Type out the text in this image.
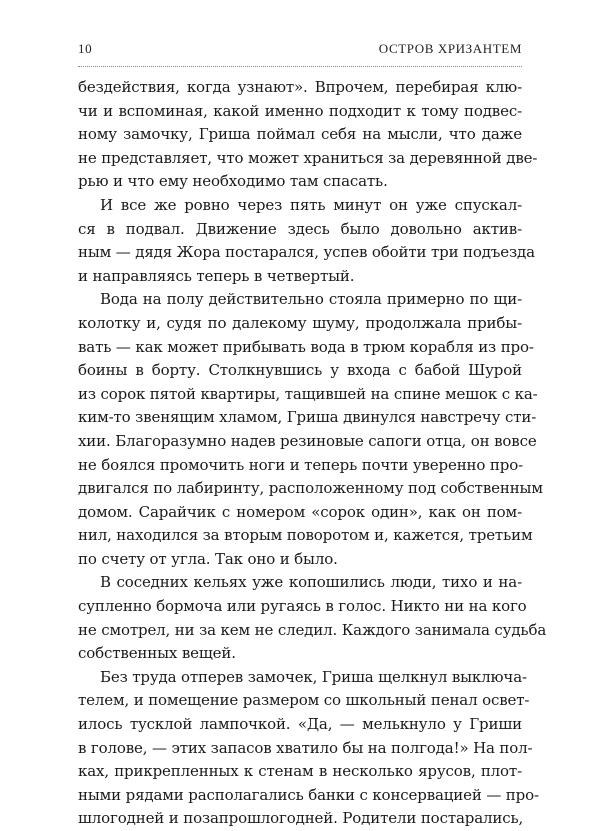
10	ОСТРОВ ХРИЗАНТЕМ
бездействия, когда узнают». Впрочем, перебирая клю-
чи и вспоминая, какой именно подходит к тому подвес-
ному замочку, Гриша поймал себя на мысли, что даже
не представляет, что может храниться за деревянной две-
рью и что ему необходимо там спасать.
И все же ровно через пять минут он уже спускал-
ся в подвал. Движение здесь было довольно актив-
ным — дядя Жора постарался, успев обойти три подъезда
и направляясь теперь в четвертый.
Вода на полу действительно стояла примерно по щи-
колотку и, судя по далекому шуму, продолжала прибы-
вать — как может прибывать вода в трюм корабля из про-
боины в борту. Столкнувшись у входа с бабой Шурой
из сорок пятой квартиры, тащившей на спине мешок с ка-
ким-то звенящим хламом, Гриша двинулся навстречу сти-
хии. Благоразумно надев резиновые сапоги отца, он вовсе
не боялся промочить ноги и теперь почти уверенно про-
двигался по лабиринту, расположенному под собственным
домом. Сарайчик с номером «сорок один», как он пом-
нил, находился за вторым поворотом и, кажется, третьим
по счету от угла. Так оно и было.
В соседних кельях уже копошились люди, тихо и на-
супленно бормоча или ругаясь в голос. Никто ни на кого
не смотрел, ни за кем не следил. Каждого занимала судьба
собственных вещей.
Без труда отперев замочек, Гриша щелкнул выключа-
телем, и помещение размером со школьный пенал освет-
илось тусклой лампочкой. «Да, — мелькнуло у Гриши
в голове, — этих запасов хватило бы на полгода!» На пол-
ках, прикрепленных к стенам в несколько ярусов, плот-
ными рядами располагались банки с консервацией — про-
шлогодней и позапрошлогодней. Родители постарались,
